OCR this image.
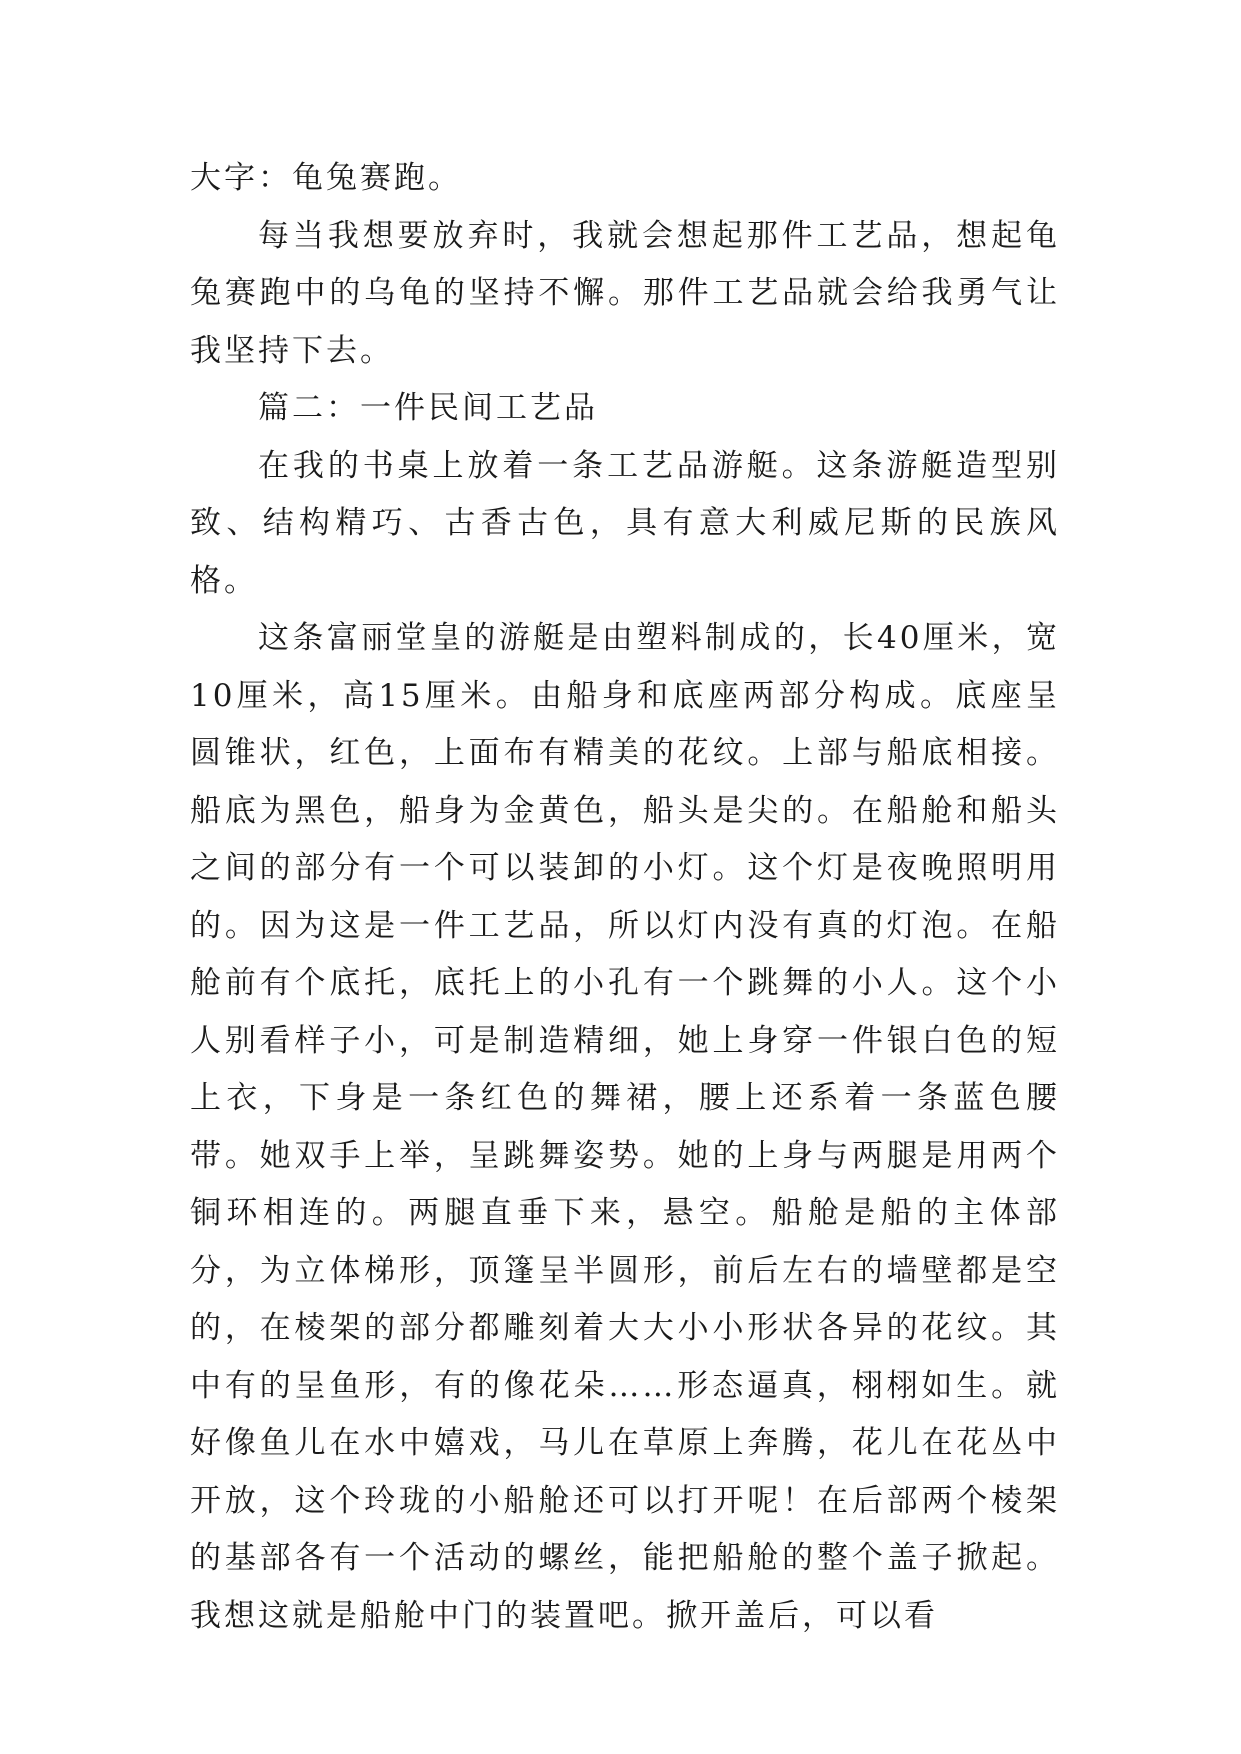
大字：龟兔赛跑。

每当我想要放弃时，我就会想起那件工艺品，想起龟兔赛跑中的乌龟的坚持不懈。那件工艺品就会给我勇气让我坚持下去。

篇二：一件民间工艺品

在我的书桌上放着一条工艺品游艇。这条游艇造型别致、结构精巧、古香古色，具有意大利威尼斯的民族风格。

这条富丽堂皇的游艇是由塑料制成的，长40厘米，宽10厘米，高15厘米。由船身和底座两部分构成。底座呈圆锥状，红色，上面布有精美的花纹。上部与船底相接。船底为黑色，船身为金黄色，船头是尖的。在船舱和船头之间的部分有一个可以装卸的小灯。这个灯是夜晚照明用的。因为这是一件工艺品，所以灯内没有真的灯泡。在船舱前有个底托，底托上的小孔有一个跳舞的小人。这个小人别看样子小，可是制造精细，她上身穿一件银白色的短上衣，下身是一条红色的舞裙，腰上还系着一条蓝色腰带。她双手上举，呈跳舞姿势。她的上身与两腿是用两个铜环相连的。两腿直垂下来，悬空。船舱是船的主体部分，为立体梯形，顶篷呈半圆形，前后左右的墙壁都是空的，在棱架的部分都雕刻着大大小小形状各异的花纹。其中有的呈鱼形，有的像花朵……形态逼真，栩栩如生。就好像鱼儿在水中嬉戏，马儿在草原上奔腾，花儿在花丛中开放，这个玲珑的小船舱还可以打开呢！在后部两个棱架的基部各有一个活动的螺丝，能把船舱的整个盖子掀起。我想这就是船舱中门的装置吧。掀开盖后，可以看
